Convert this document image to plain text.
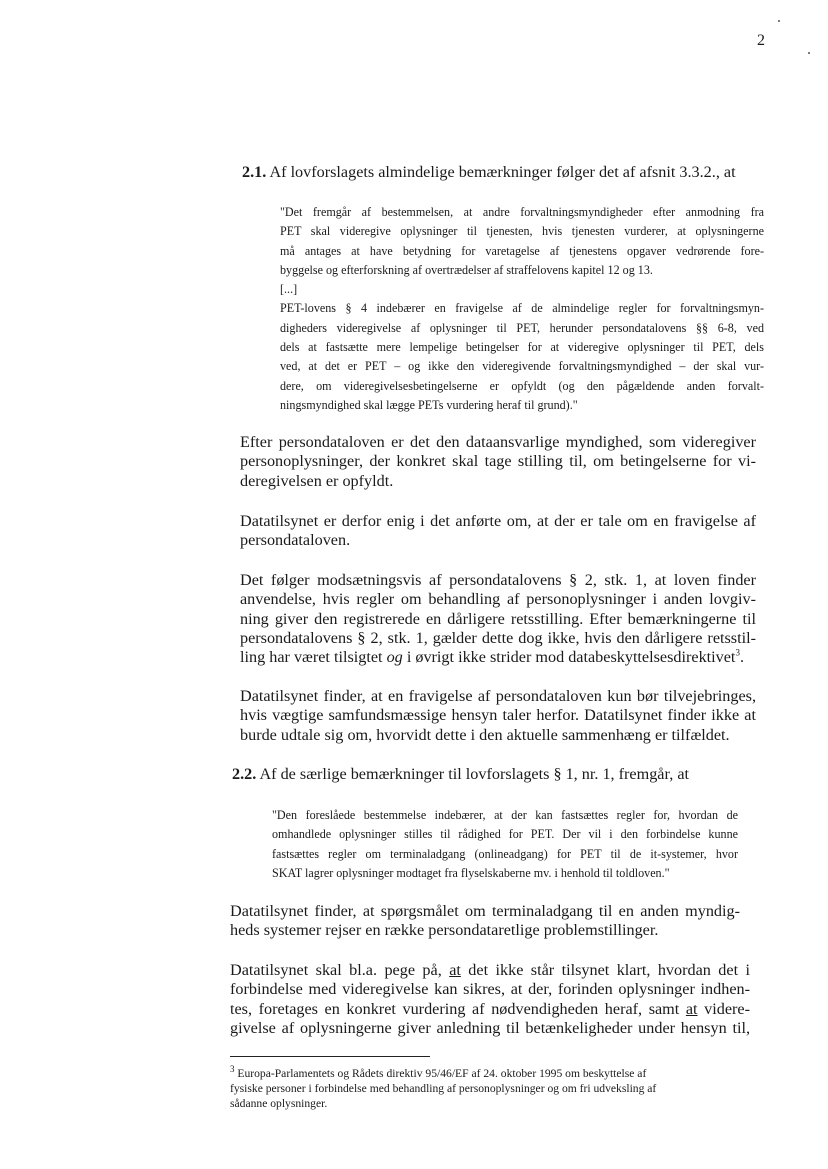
2
2.1. Af lovforslagets almindelige bemærkninger følger det af afsnit 3.3.2., at
"Det fremgår af bestemmelsen, at andre forvaltningsmyndigheder efter anmodning fra
PET skal videregive oplysninger til tjenesten, hvis tjenesten vurderer, at oplysningerne
må antages at have betydning for varetagelse af tjenestens opgaver vedrørende fore-
byggelse og efterforskning af overtrædelser af straffelovens kapitel 12 og 13.
[...]
PET-lovens § 4 indebærer en fravigelse af de almindelige regler for forvaltningsmyn-
digheders videregivelse af oplysninger til PET, herunder persondatalovens §§ 6-8, ved
dels at fastsætte mere lempelige betingelser for at videregive oplysninger til PET, dels
ved, at det er PET – og ikke den videregivende forvaltningsmyndighed – der skal vur-
dere, om videregivelsesbetingelserne er opfyldt (og den pågældende anden forvalt-
ningsmyndighed skal lægge PETs vurdering heraf til grund)."
Efter persondataloven er det den dataansvarlige myndighed, som videregiver
personoplysninger, der konkret skal tage stilling til, om betingelserne for vi-
deregivelsen er opfyldt.
Datatilsynet er derfor enig i det anførte om, at der er tale om en fravigelse af
persondataloven.
Det følger modsætningsvis af persondatalovens § 2, stk. 1, at loven finder
anvendelse, hvis regler om behandling af personoplysninger i anden lovgiv-
ning giver den registrerede en dårligere retsstilling. Efter bemærkningerne til
persondatalovens § 2, stk. 1, gælder dette dog ikke, hvis den dårligere retsstil-
ling har været tilsigtet og i øvrigt ikke strider mod databeskyttelsesdirektivet$^3$.
Datatilsynet finder, at en fravigelse af persondataloven kun bør tilvejebringes,
hvis vægtige samfundsmæssige hensyn taler herfor. Datatilsynet finder ikke at
burde udtale sig om, hvorvidt dette i den aktuelle sammenhæng er tilfældet.
2.2. Af de særlige bemærkninger til lovforslagets § 1, nr. 1, fremgår, at
"Den foreslåede bestemmelse indebærer, at der kan fastsættes regler for, hvordan de
omhandlede oplysninger stilles til rådighed for PET. Der vil i den forbindelse kunne
fastsættes regler om terminaladgang (onlineadgang) for PET til de it-systemer, hvor
SKAT lagrer oplysninger modtaget fra flyselskaberne mv. i henhold til toldloven."
Datatilsynet finder, at spørgsmålet om terminaladgang til en anden myndig-
heds systemer rejser en række persondataretlige problemstillinger.
Datatilsynet skal bl.a. pege på, at det ikke står tilsynet klart, hvordan det i
forbindelse med videregivelse kan sikres, at der, forinden oplysninger indhen-
tes, foretages en konkret vurdering af nødvendigheden heraf, samt at videre-
givelse af oplysningerne giver anledning til betænkeligheder under hensyn til,
$^3$ Europa-Parlamentets og Rådets direktiv 95/46/EF af 24. oktober 1995 om beskyttelse af
fysiske personer i forbindelse med behandling af personoplysninger og om fri udveksling af
sådanne oplysninger.
